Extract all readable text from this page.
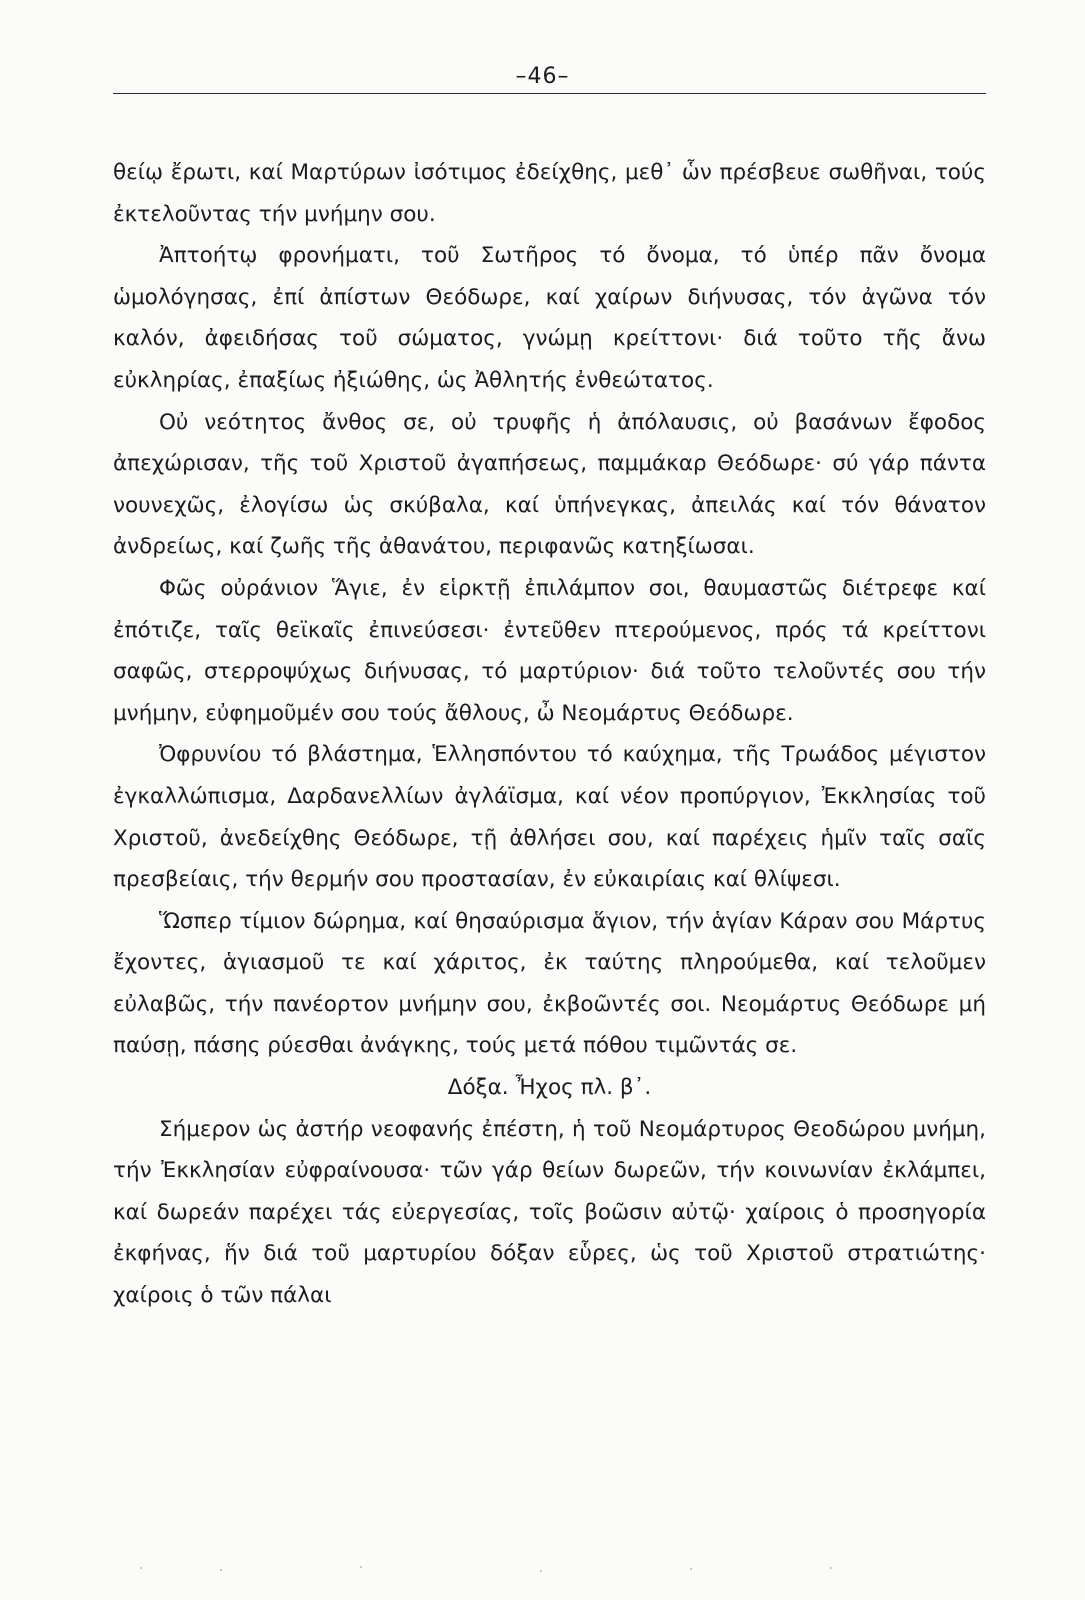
–46–

θείῳ ἔρωτι, καί Μαρτύρων ἰσότιμος ἐδείχθης, μεθ᾿ ὧν πρέσβευε σωθῆναι, τούς ἐκτελοῦντας τήν μνήμην σου.

Ἀπτοήτῳ φρονήματι, τοῦ Σωτῆρος τό ὄνομα, τό ὑπέρ πᾶν ὄνομα ὡμολόγησας, ἐπί ἀπίστων Θεόδωρε, καί χαίρων διήνυσας, τόν ἀγῶνα τόν καλόν, ἀφειδήσας τοῦ σώματος, γνώμῃ κρείττονι· διά τοῦτο τῆς ἄνω εὐκληρίας, ἐπαξίως ἠξιώθης, ὡς Ἀθλητής ἐνθεώτατος.

Οὐ νεότητος ἄνθος σε, οὐ τρυφῆς ἡ ἀπόλαυσις, οὐ βασάνων ἔφοδος ἀπεχώρισαν, τῆς τοῦ Χριστοῦ ἀγαπήσεως, παμμάκαρ Θεόδωρε· σύ γάρ πάντα νουνεχῶς, ἐλογίσω ὡς σκύβαλα, καί ὑπήνεγκας, ἀπειλάς καί τόν θάνατον ἀνδρείως, καί ζωῆς τῆς ἀθανάτου, περιφανῶς κατηξίωσαι.

Φῶς οὐράνιον Ἅγιε, ἐν εἱρκτῇ ἐπιλάμπον σοι, θαυμαστῶς διέτρεφε καί ἐπότιζε, ταῖς θεϊκαῖς ἐπινεύσεσι· ἐντεῦθεν πτερούμενος, πρός τά κρείττονι σαφῶς, στερροψύχως διήνυσας, τό μαρτύριον· διά τοῦτο τελοῦντές σου τήν μνήμην, εὐφημοῦμέν σου τούς ἄθλους, ὦ Νεομάρτυς Θεόδωρε.

Ὀφρυνίου τό βλάστημα, Ἑλλησπόντου τό καύχημα, τῆς Τρωάδος μέγιστον ἐγκαλλώπισμα, Δαρδανελλίων ἀγλάϊσμα, καί νέον προπύργιον, Ἐκκλησίας τοῦ Χριστοῦ, ἀνεδείχθης Θεόδωρε, τῇ ἀθλήσει σου, καί παρέχεις ἡμῖν ταῖς σαῖς πρεσβείαις, τήν θερμήν σου προστασίαν, ἐν εὐκαιρίαις καί θλίψεσι.

Ὥσπερ τίμιον δώρημα, καί θησαύρισμα ἅγιον, τήν ἁγίαν Κάραν σου Μάρτυς ἔχοντες, ἁγιασμοῦ τε καί χάριτος, ἐκ ταύτης πληρούμεθα, καί τελοῦμεν εὐλαβῶς, τήν πανέορτον μνήμην σου, ἐκβοῶντές σοι. Νεομάρτυς Θεόδωρε μή παύσῃ, πάσης ρύεσθαι ἀνάγκης, τούς μετά πόθου τιμῶντάς σε.

Δόξα. Ἦχος πλ. β᾿.

Σήμερον ὡς ἀστήρ νεοφανής ἐπέστη, ἡ τοῦ Νεομάρτυρος Θεοδώρου μνήμη, τήν Ἐκκλησίαν εὐφραίνουσα· τῶν γάρ θείων δωρεῶν, τήν κοινωνίαν ἐκλάμπει, καί δωρεάν παρέχει τάς εὐεργεσίας, τοῖς βοῶσιν αὐτῷ· χαίροις ὁ προσηγορία ἐκφήνας, ἥν διά τοῦ μαρτυρίου δόξαν εὗρες, ὡς τοῦ Χριστοῦ στρατιώτης· χαίροις ὁ τῶν πάλαι
